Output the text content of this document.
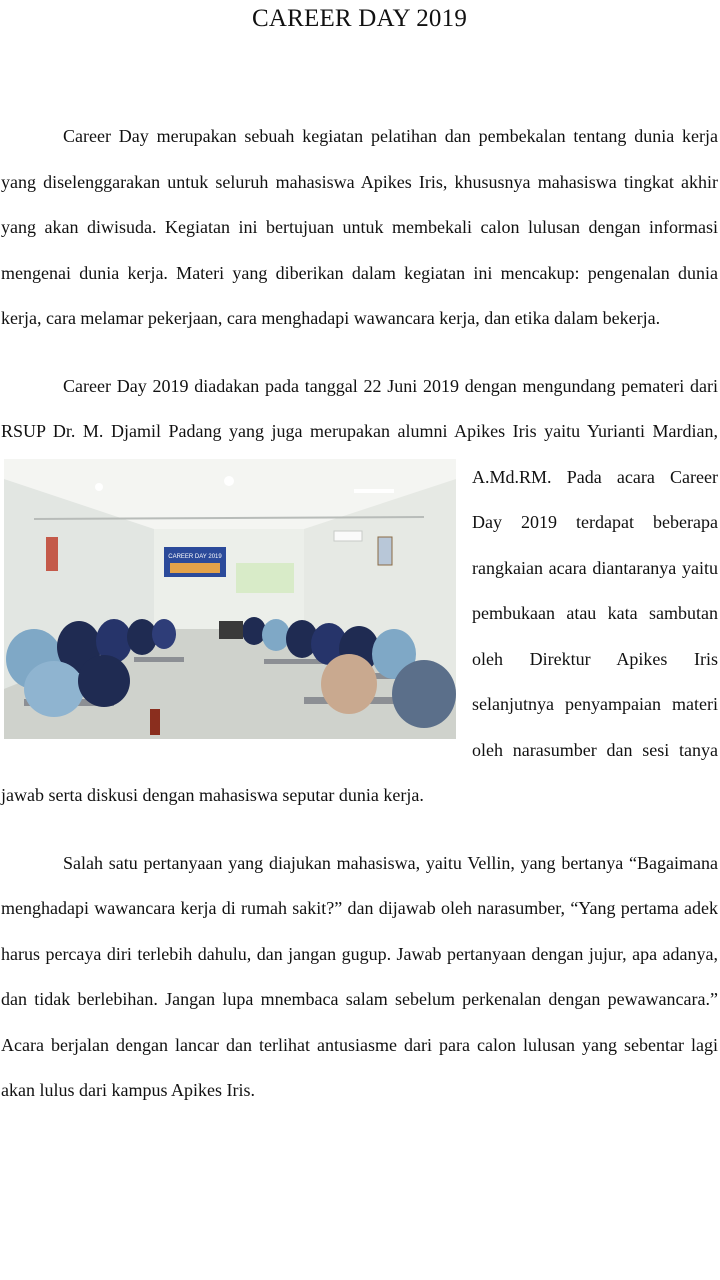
CAREER DAY 2019

Career Day merupakan sebuah kegiatan pelatihan dan pembekalan tentang dunia kerja yang diselenggarakan untuk seluruh mahasiswa Apikes Iris, khususnya mahasiswa tingkat akhir yang akan diwisuda. Kegiatan ini bertujuan untuk membekali calon lulusan dengan informasi mengenai dunia kerja. Materi yang diberikan dalam kegiatan ini mencakup: pengenalan dunia kerja, cara melamar pekerjaan, cara menghadapi wawancara kerja, dan etika dalam bekerja.

Career Day 2019 diadakan pada tanggal 22 Juni 2019 dengan mengundang pemateri dari RSUP Dr. M. Djamil Padang yang juga merupakan alumni Apikes Iris
CAREER DAY 2019
yaitu Yurianti Mardian, A.Md.RM. Pada acara Career Day 2019 terdapat beberapa rangkaian acara diantaranya yaitu pembukaan atau kata sambutan oleh Direktur Apikes Iris selanjutnya penyampaian materi oleh narasumber dan sesi tanya jawab serta diskusi dengan mahasiswa seputar dunia kerja.

Salah satu pertanyaan yang diajukan mahasiswa, yaitu Vellin, yang bertanya “Bagaimana menghadapi wawancara kerja di rumah sakit?” dan dijawab oleh narasumber, “Yang pertama adek harus percaya diri terlebih dahulu, dan jangan gugup. Jawab pertanyaan dengan jujur, apa adanya, dan tidak berlebihan. Jangan lupa mnembaca salam sebelum perkenalan dengan pewawancara.” Acara berjalan dengan lancar dan terlihat antusiasme dari para calon lulusan yang sebentar lagi akan lulus dari kampus Apikes Iris.
